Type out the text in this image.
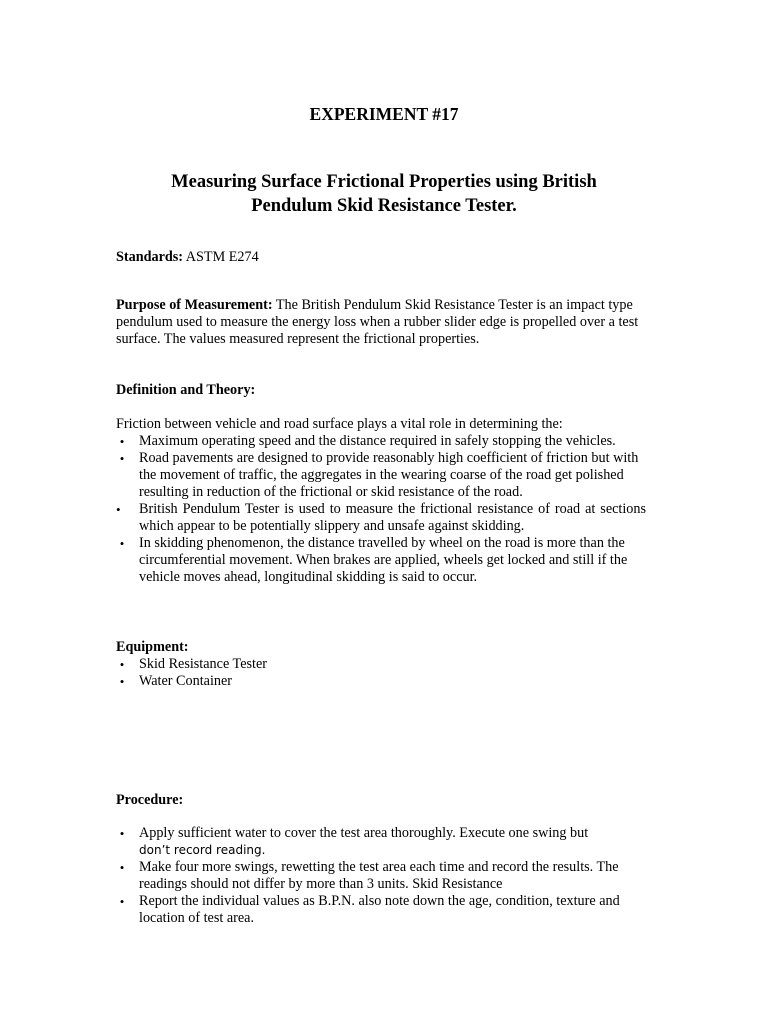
EXPERIMENT #17
Measuring Surface Frictional Properties using British
Pendulum Skid Resistance Tester.

Standards: ASTM E274

Purpose of Measurement: The British Pendulum Skid Resistance Tester is an impact type pendulum used to measure the energy loss when a rubber slider edge is propelled over a test surface. The values measured represent the frictional properties.

Definition and Theory:

Friction between vehicle and road surface plays a vital role in determining the:

• Maximum operating speed and the distance required in safely stopping the vehicles.
• Road pavements are designed to provide reasonably high coefficient of friction but with the movement of traffic, the aggregates in the wearing coarse of the road get polished resulting in reduction of the frictional or skid resistance of the road.
•	British Pendulum Tester is used to measure the frictional resistance of road at sections which appear to be potentially slippery and unsafe against skidding.
• In skidding phenomenon, the distance travelled by wheel on the road is more than the circumferential movement. When brakes are applied, wheels get locked and still if the vehicle moves ahead, longitudinal skidding is said to occur.

Equipment:

• Skid Resistance Tester
• Water Container

Procedure:

• Apply sufficient water to cover the test area thoroughly. Execute one swing but
don’t record reading.
• Make four more swings, rewetting the test area each time and record the results. The readings should not differ by more than 3 units. Skid Resistance
• Report the individual values as B.P.N. also note down the age, condition, texture and location of test area.
